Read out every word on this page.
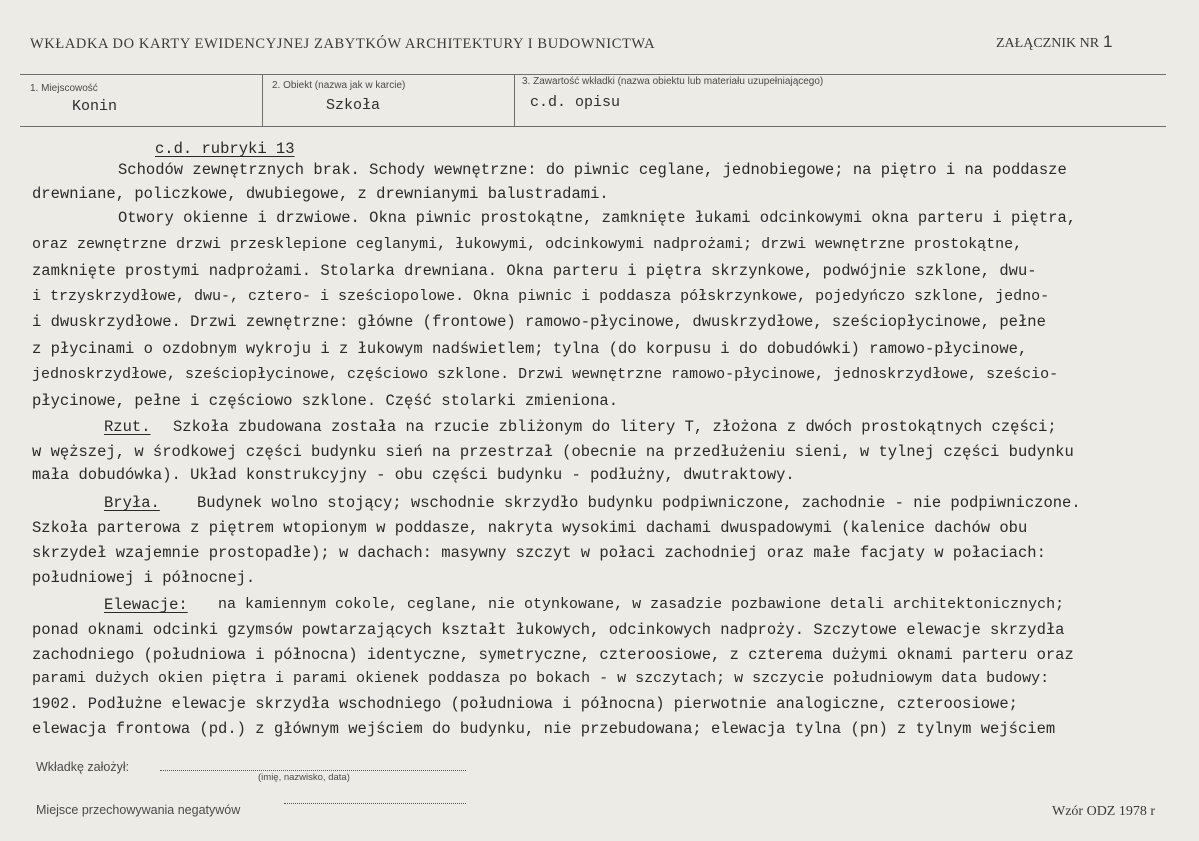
WKŁADKA DO KARTY EWIDENCYJNEJ ZABYTKÓW ARCHITEKTURY I BUDOWNICTWA	ZAŁĄCZNIK NR 1
1. Miejscowość
Konin
2. Obiekt (nazwa jak w karcie)
Szkoła
3. Zawartość wkładki (nazwa obiektu lub materiału uzupełniającego)
c.d. opisu
c.d. rubryki 13
Schodów zewnętrznych brak. Schody wewnętrzne: do piwnic ceglane, jednobiegowe; na piętro i na poddasze
drewniane, policzkowe, dwubiegowe, z drewnianymi balustradami.
Otwory okienne i drzwiowe. Okna piwnic prostokątne, zamknięte łukami odcinkowymi okna parteru i piętra,
oraz zewnętrzne drzwi przesklepione ceglanymi, łukowymi, odcinkowymi nadprożami; drzwi wewnętrzne prostokątne,
zamknięte prostymi nadprożami. Stolarka drewniana. Okna parteru i piętra skrzynkowe, podwójnie szklone, dwu-
i trzyskrzydłowe, dwu-, cztero- i sześciopolowe. Okna piwnic i poddasza półskrzynkowe, pojedyńczo szklone, jedno-
i dwuskrzydłowe. Drzwi zewnętrzne: główne (frontowe) ramowo-płycinowe, dwuskrzydłowe, sześciopłycinowe, pełne
z płycinami o ozdobnym wykroju i z łukowym nadświetlem; tylna (do korpusu i do dobudówki) ramowo-płycinowe,
jednoskrzydłowe, sześciopłycinowe, częściowo szklone. Drzwi wewnętrzne ramowo-płycinowe, jednoskrzydłowe, sześcio-
płycinowe, pełne i częściowo szklone. Część stolarki zmieniona.
Rzut. Szkoła zbudowana została na rzucie zbliżonym do litery T, złożona z dwóch prostokątnych części;
w węższej, w środkowej części budynku sień na przestrzał (obecnie na przedłużeniu sieni, w tylnej części budynku
mała dobudówka). Układ konstrukcyjny - obu części budynku - podłużny, dwutraktowy.
Bryła. Budynek wolno stojący; wschodnie skrzydło budynku podpiwniczone, zachodnie - nie podpiwniczone.
Szkoła parterowa z piętrem wtopionym w poddasze, nakryta wysokimi dachami dwuspadowymi (kalenice dachów obu
skrzydeł wzajemnie prostopadłe); w dachach: masywny szczyt w połaci zachodniej oraz małe facjaty w połaciach:
południowej i północnej.
Elewacje: na kamiennym cokole, ceglane, nie otynkowane, w zasadzie pozbawione detali architektonicznych;
ponad oknami odcinki gzymsów powtarzających kształt łukowych, odcinkowych nadproży. Szczytowe elewacje skrzydła
zachodniego (południowa i północna) identyczne, symetryczne, czteroosiowe, z czterema dużymi oknami parteru oraz
parami dużych okien piętra i parami okienek poddasza po bokach - w szczytach; w szczycie południowym data budowy:
1902. Podłużne elewacje skrzydła wschodniego (południowa i północna) pierwotnie analogiczne, czteroosiowe;
elewacja frontowa (pd.) z głównym wejściem do budynku, nie przebudowana; elewacja tylna (pn) z tylnym wejściem
Wkładkę założył:
(imię, nazwisko, data)
Miejsce przechowywania negatywów	Wzór ODZ 1978 r
